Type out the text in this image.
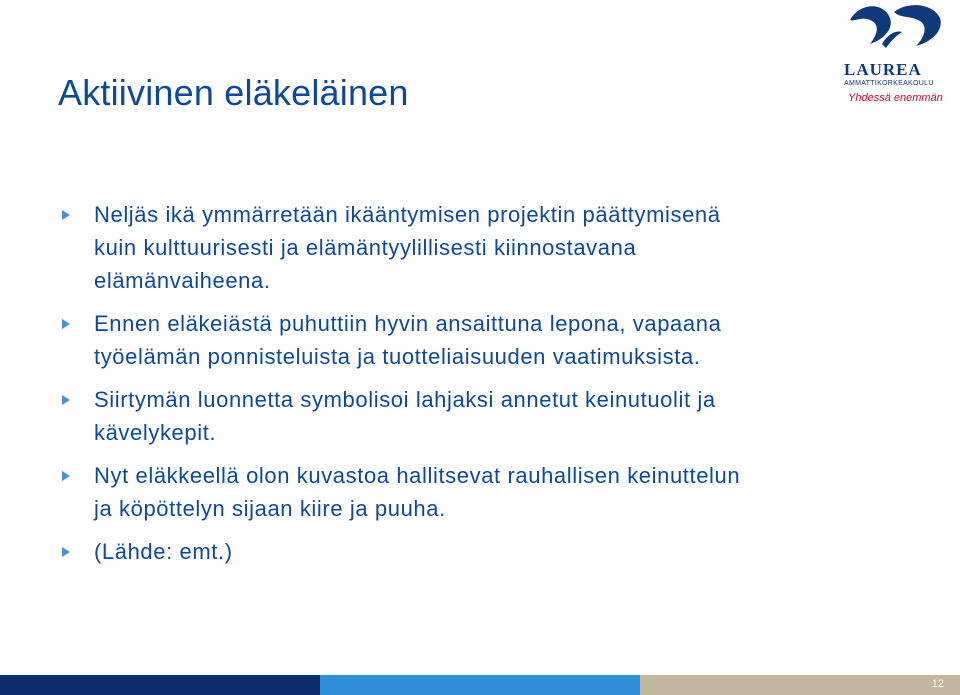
LAUREA
AMMATTIKORKEAKOULU
Yhdessä enemmän
Aktiivinen eläkeläinen
Neljäs ikä ymmärretään ikääntymisen projektin päättymisenä kuin kulttuurisesti ja elämäntyylillisesti kiinnostavana elämänvaiheena.
Ennen eläkeiästä puhuttiin hyvin ansaittuna lepona, vapaana työelämän ponnisteluista ja tuotteliaisuuden vaatimuksista.
Siirtymän luonnetta symbolisoi lahjaksi annetut keinutuolit ja kävelykepit.
Nyt eläkkeellä olon kuvastoa hallitsevat rauhallisen keinuttelun ja köpöttelyn sijaan kiire ja puuha.
(Lähde: emt.)
12
